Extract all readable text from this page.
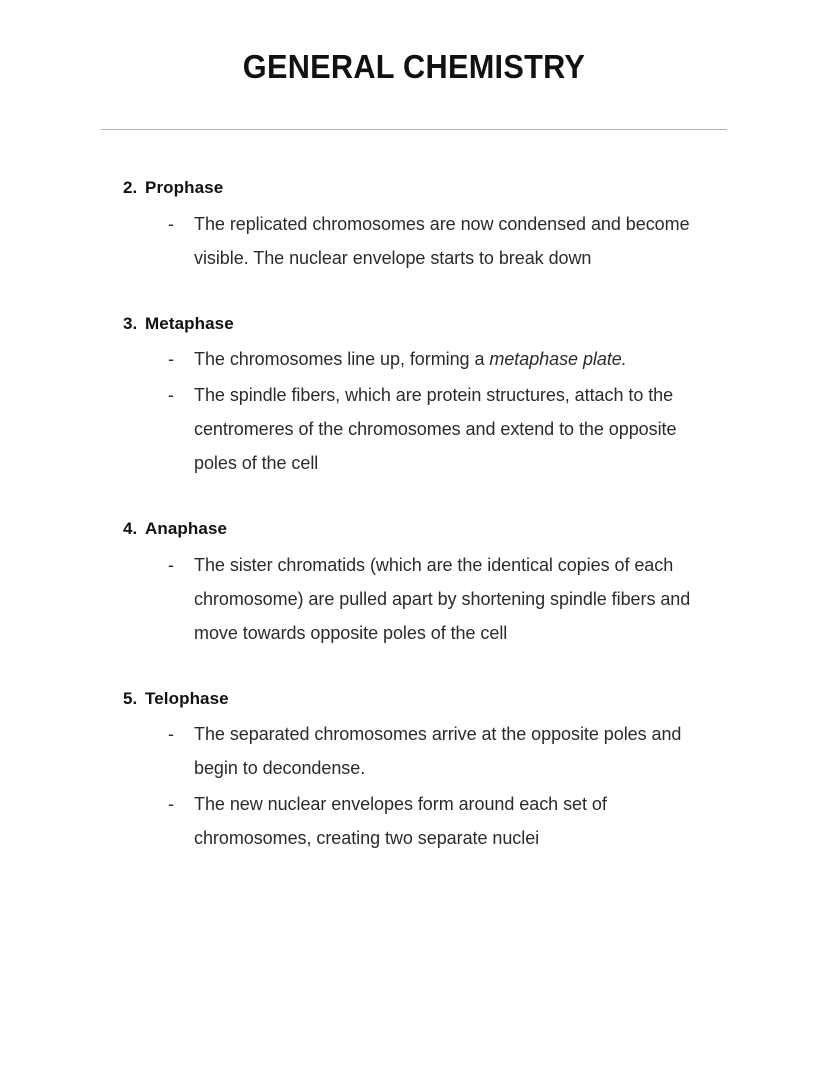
GENERAL CHEMISTRY
2. Prophase
-	The replicated chromosomes are now condensed and become visible. The nuclear envelope starts to break down
3. Metaphase
-	The chromosomes line up, forming a metaphase plate.
-	The spindle fibers, which are protein structures, attach to the centromeres of the chromosomes and extend to the opposite poles of the cell
4. Anaphase
-	The sister chromatids (which are the identical copies of each chromosome) are pulled apart by shortening spindle fibers and move towards opposite poles of the cell
5. Telophase
-	The separated chromosomes arrive at the opposite poles and begin to decondense.
-	The new nuclear envelopes form around each set of chromosomes, creating two separate nuclei
